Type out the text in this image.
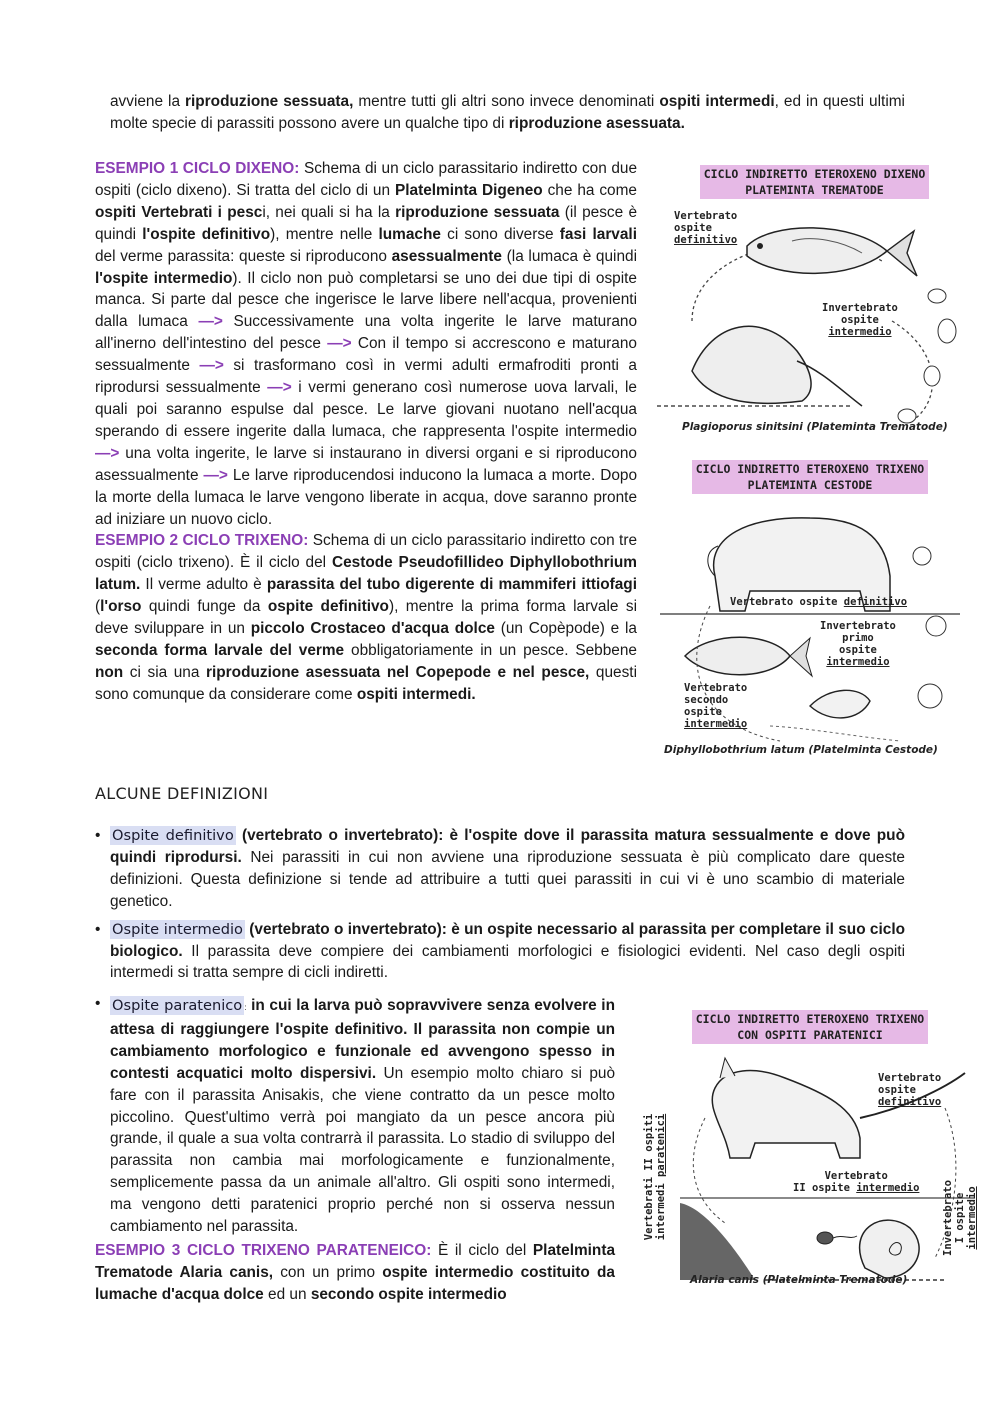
avviene la riproduzione sessuata, mentre tutti gli altri sono invece denominati ospiti intermedi, ed in questi ultimi molte specie di parassiti possono avere un qualche tipo di riproduzione asessuata.

ESEMPIO 1 CICLO DIXENO: Schema di un ciclo parassitario indiretto con due ospiti (ciclo dixeno). Si tratta del ciclo di un Platelminta Digeneo che ha come ospiti Vertebrati i pesci, nei quali si ha la riproduzione sessuata (il pesce è quindi l'ospite definitivo), mentre nelle lumache ci sono diverse fasi larvali del verme parassita: queste si riproducono asessualmente (la lumaca è quindi l'ospite intermedio). Il ciclo non può completarsi se uno dei due tipi di ospite manca. Si parte dal pesce che ingerisce le larve libere nell'acqua, provenienti dalla lumaca —> Successivamente una volta ingerite le larve maturano all'inerno dell'intestino del pesce —> Con il tempo si accrescono e maturano sessualmente —> si trasformano così in vermi adulti ermafroditi pronti a riprodursi sessualmente —> i vermi generano così numerose uova larvali, le quali poi saranno espulse dal pesce. Le larve giovani nuotano nell'acqua sperando di essere ingerite dalla lumaca, che rappresenta l'ospite intermedio —> una volta ingerite, le larve si instaurano in diversi organi e si riproducono asessualmente —> Le larve riproducendosi inducono la lumaca a morte. Dopo la morte della lumaca le larve vengono liberate in acqua, dove saranno pronte ad iniziare un nuovo ciclo.

ESEMPIO 2 CICLO TRIXENO: Schema di un ciclo parassitario indiretto con tre ospiti (ciclo trixeno). È il ciclo del Cestode Pseudofillideo Diphyllobothrium latum. Il verme adulto è parassita del tubo digerente di mammiferi ittiofagi (l'orso quindi funge da ospite definitivo), mentre la prima forma larvale si deve sviluppare in un piccolo Crostaceo d'acqua dolce (un Copèpode) e la seconda forma larvale del verme obbligatoriamente in un pesce. Sebbene non ci sia una riproduzione asessuata nel Copepode e nel pesce, questi sono comunque da considerare come ospiti intermedi.

CICLO INDIRETTO ETEROXENO DIXENO
PLATEMINTA TREMATODE
Vertebrato
ospite
definitivo
Invertebrato
ospite
intermedio
Plagioporus sinitsini (Plateminta Trematode)
CICLO INDIRETTO ETEROXENO TRIXENO
PLATEMINTA CESTODE
Vertebrato ospite definitivo
Invertebrato
primo
ospite
intermedio
Vertebrato
secondo
ospite
intermedio
Diphyllobothrium latum (Platelminta Cestode)
ALCUNE DEFINIZIONI
• Ospite definitivo (vertebrato o invertebrato): è l'ospite dove il parassita matura sessualmente e dove può quindi riprodursi. Nei parassiti in cui non avviene una riproduzione sessuata è più complicato dare queste definizioni. Questa definizione si tende ad attribuire a tutti quei parassiti in cui vi è uno scambio di materiale genetico.

• Ospite intermedio (vertebrato o invertebrato): è un ospite necessario al parassita per completare il suo ciclo biologico. Il parassita deve compiere dei cambiamenti morfologici e fisiologici evidenti. Nel caso degli ospiti intermedi si tratta sempre di cicli indiretti.

• Ospite paratenico : in cui la larva può sopravvivere senza evolvere in attesa di raggiungere l'ospite definitivo. Il parassita non compie un cambiamento morfologico e funzionale ed avvengono spesso in contesti acquatici molto dispersivi. Un esempio molto chiaro si può fare con il parassita Anisakis, che viene contratto da un pesce molto piccolino. Quest'ultimo verrà poi mangiato da un pesce ancora più grande, il quale a sua volta contrarrà il parassita. Lo stadio di sviluppo del parassita non cambia mai morfologicamente e funzionalmente, semplicemente passa da un animale all'altro. Gli ospiti sono intermedi, ma vengono detti paratenici proprio perché non si osserva nessun cambiamento nel parassita.

ESEMPIO 3 CICLO TRIXENO PARATENEICO: È il ciclo del Platelminta Trematode Alaria canis, con un primo ospite intermedio costituito da lumache d'acqua dolce ed un secondo ospite intermedio

CICLO INDIRETTO ETEROXENO TRIXENO
CON OSPITI PARATENICI
Vertebrato
ospite definitivo
Vertebrato
II ospite intermedio
Vertebrati II ospiti
intermedi paratenici
Invertebrato
I ospite intermedio
Alaria canis (Platelminta Trematode)
